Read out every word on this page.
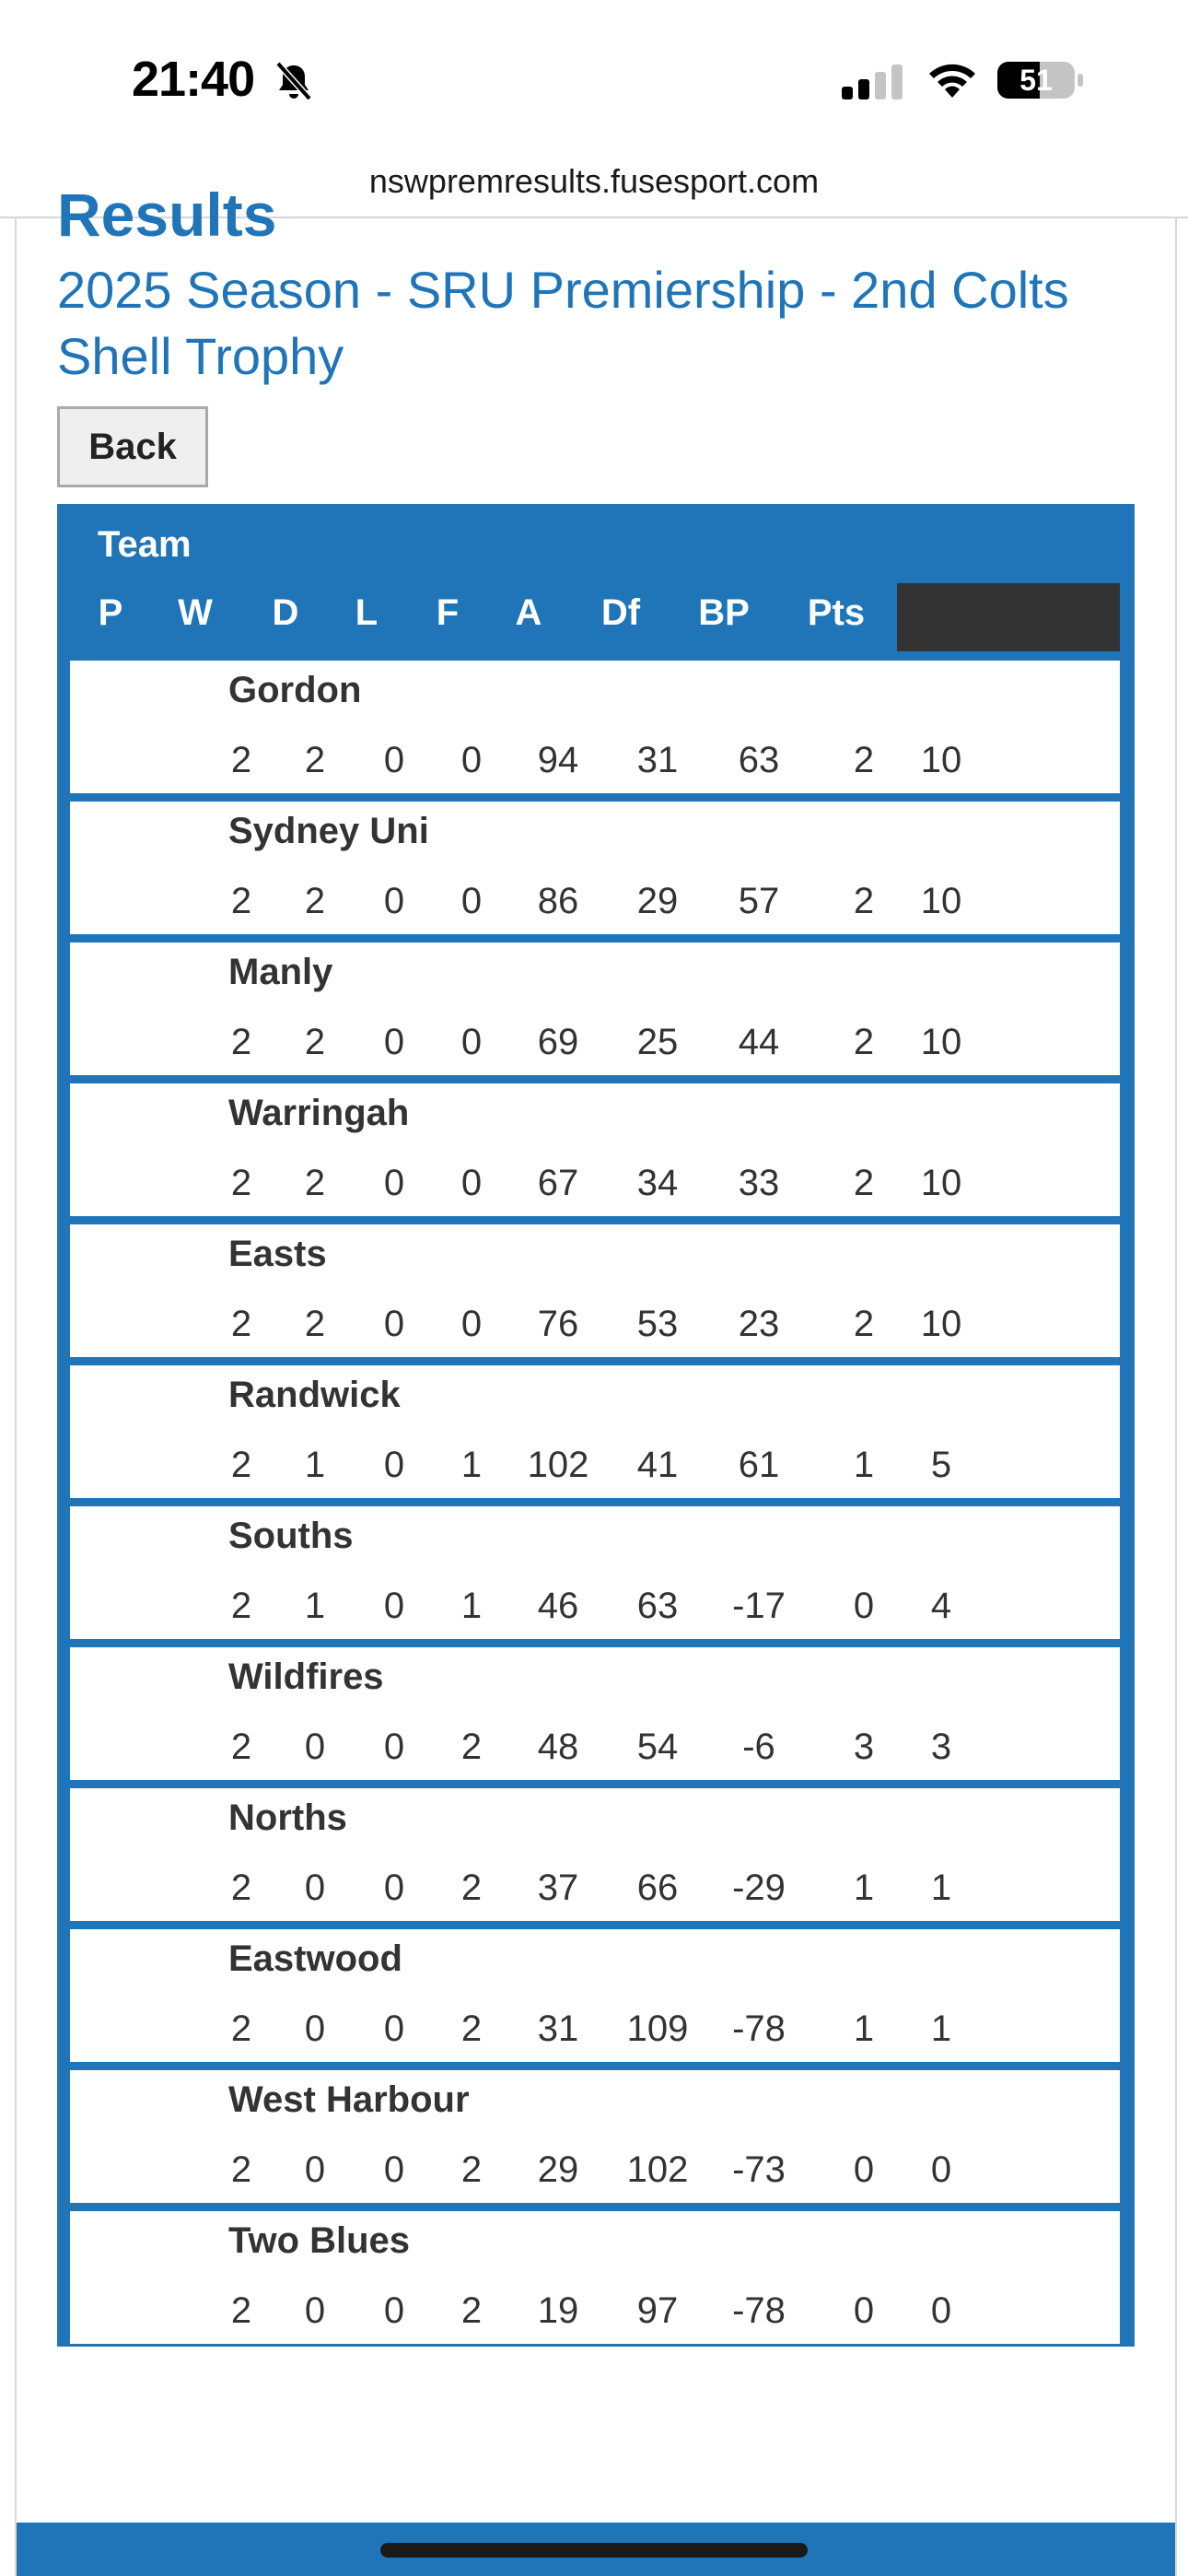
21:40	51
nswpremresults.fusesport.com
Results
2025 Season - SRU Premiership - 2nd Colts Shell Trophy
Back
Team
P W D L F A Df BP Pts
Gordon
2 2 0 0 94 31 63 2 10
Sydney Uni
2 2 0 0 86 29 57 2 10
Manly
2 2 0 0 69 25 44 2 10
Warringah
2 2 0 0 67 34 33 2 10
Easts
2 2 0 0 76 53 23 2 10
Randwick
2 1 0 1 102 41 61 1 5
Souths
2 1 0 1 46 63 -17 0 4
Wildfires
2 0 0 2 48 54 -6 3 3
Norths
2 0 0 2 37 66 -29 1 1
Eastwood
2 0 0 2 31 109 -78 1 1
West Harbour
2 0 0 2 29 102 -73 0 0
Two Blues
2 0 0 2 19 97 -78 0 0
